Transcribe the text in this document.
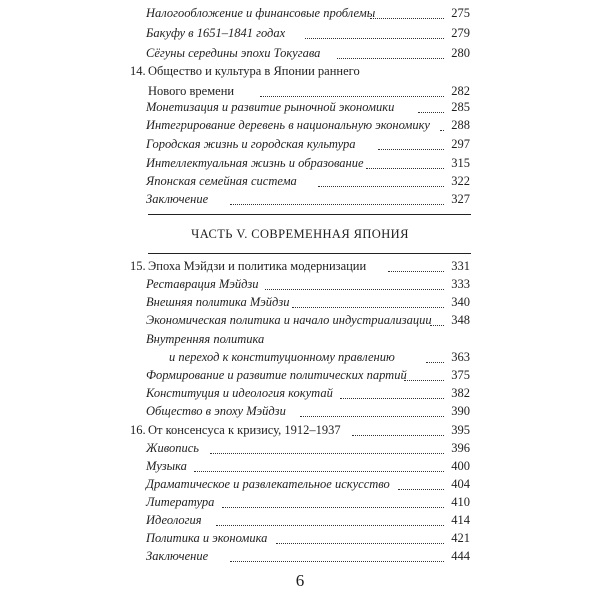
Налогообложение и финансовые проблемы	275
Бакуфу в 1651–1841 годах	279
Сёгуны середины эпохи Токугава	280
14. Общество и культура в Японии раннего
Нового времени	282
Монетизация и развитие рыночной экономики	285
Интегрирование деревень в национальную экономику 288
Городская жизнь и городская культура	297
Интеллектуальная жизнь и образование	315
Японская семейная система	322
Заключение	327
ЧАСТЬ V. СОВРЕМЕННАЯ ЯПОНИЯ
15. Эпоха Мэйдзи и политика модернизации	331
Реставрация Мэйдзи	333
Внешняя политика Мэйдзи	340
Экономическая политика и начало индустриализации 348
Внутренняя политика
и переход к конституционному правлению	363
Формирование и развитие политических партий	375
Конституция и идеология кокутай	382
Общество в эпоху Мэйдзи	390
16. От консенсуса к кризису, 1912–1937	395
Живопись	396
Музыка	400
Драматическое и развлекательное искусство	404
Литература	410
Идеология	414
Политика и экономика	421
Заключение	444
6
